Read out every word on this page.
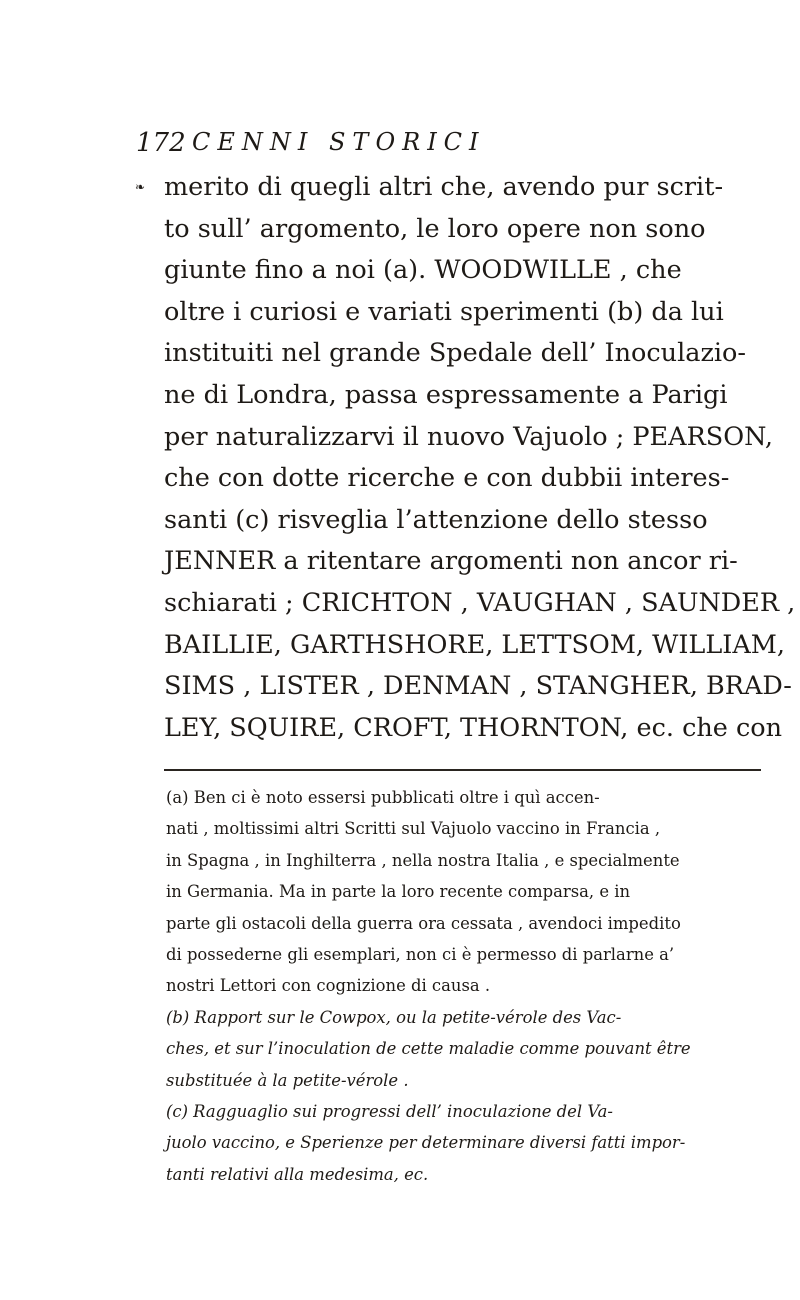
172 CENNI STORICI
❧ merito di quegli altri che, avendo pur scrit-
to sull’ argomento, le loro opere non sono
giunte fino a noi (a). WOODWILLE , che
oltre i curiosi e variati sperimenti (b) da lui
instituiti nel grande Spedale dell’ Inoculazio-
ne di Londra, passa espressamente a Parigi
per naturalizzarvi il nuovo Vajuolo ; PEARSON,
che con dotte ricerche e con dubbii interes-
santi (c) risveglia l’attenzione dello stesso
JENNER a ritentare argomenti non ancor ri-
schiarati ; CRICHTON , VAUGHAN , SAUNDER ,
BAILLIE, GARTHSHORE, LETTSOM, WILLIAM,
SIMS , LISTER , DENMAN , STANGHER, BRAD-
LEY, SQUIRE, CROFT, THORNTON, ec. che con
(a) Ben ci è noto essersi pubblicati oltre i quì accen-
nati , moltissimi altri Scritti sul Vajuolo vaccino in Francia ,
in Spagna , in Inghilterra , nella nostra Italia , e specialmente
in Germania. Ma in parte la loro recente comparsa, e in
parte gli ostacoli della guerra ora cessata , avendoci impedito
di possederne gli esemplari, non ci è permesso di parlarne a’
nostri Lettori con cognizione di causa .
(b) Rapport sur le Cowpox, ou la petite-vérole des Vac-
ches, et sur l’inoculation de cette maladie comme pouvant être
substituée à la petite-vérole .
(c) Ragguaglio sui progressi dell’ inoculazione del Va-
juolo vaccino, e Sperienze per determinare diversi fatti impor-
tanti relativi alla medesima, ec.
